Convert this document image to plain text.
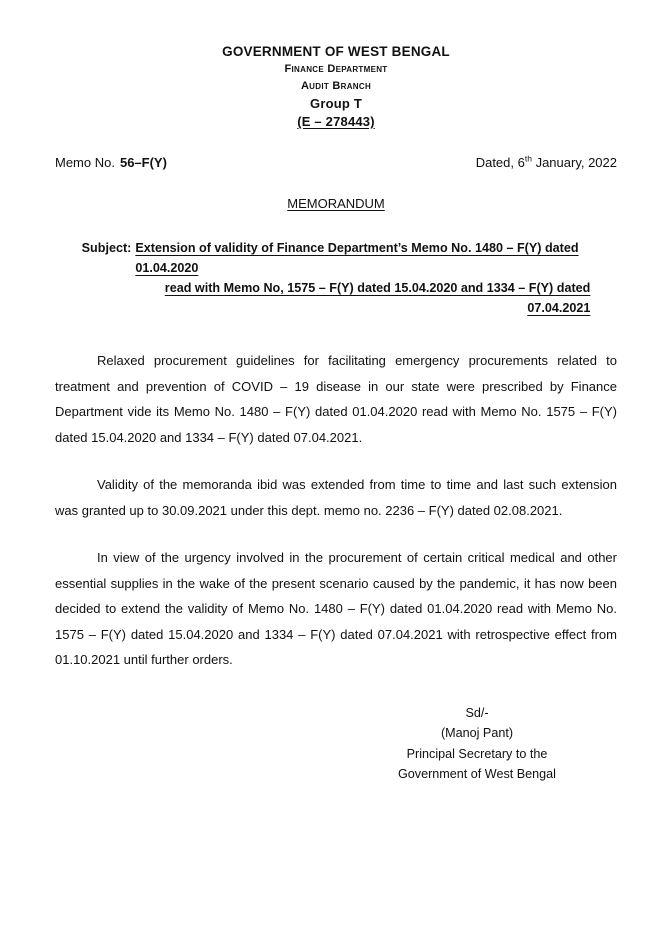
GOVERNMENT OF WEST BENGAL
Finance Department
Audit Branch
Group T
(E – 278443)
Memo No. 56–F(Y)	Dated, 6th January, 2022
MEMORANDUM
Subject: Extension of validity of Finance Department’s Memo No. 1480 – F(Y) dated 01.04.2020
read with Memo No, 1575 – F(Y) dated 15.04.2020 and 1334 – F(Y) dated 07.04.2021

Relaxed procurement guidelines for facilitating emergency procurements related to treatment and prevention of COVID – 19 disease in our state were prescribed by Finance Department vide its Memo No. 1480 – F(Y) dated 01.04.2020 read with Memo No. 1575 – F(Y) dated 15.04.2020 and 1334 – F(Y) dated 07.04.2021.

Validity of the memoranda ibid was extended from time to time and last such extension was granted up to 30.09.2021 under this dept. memo no. 2236 – F(Y) dated 02.08.2021.

In view of the urgency involved in the procurement of certain critical medical and other essential supplies in the wake of the present scenario caused by the pandemic, it has now been decided to extend the validity of Memo No. 1480 – F(Y) dated 01.04.2020 read with Memo No. 1575 – F(Y) dated 15.04.2020 and 1334 – F(Y) dated 07.04.2021 with retrospective effect from 01.10.2021 until further orders.

Sd/-
(Manoj Pant)
Principal Secretary to the
Government of West Bengal
